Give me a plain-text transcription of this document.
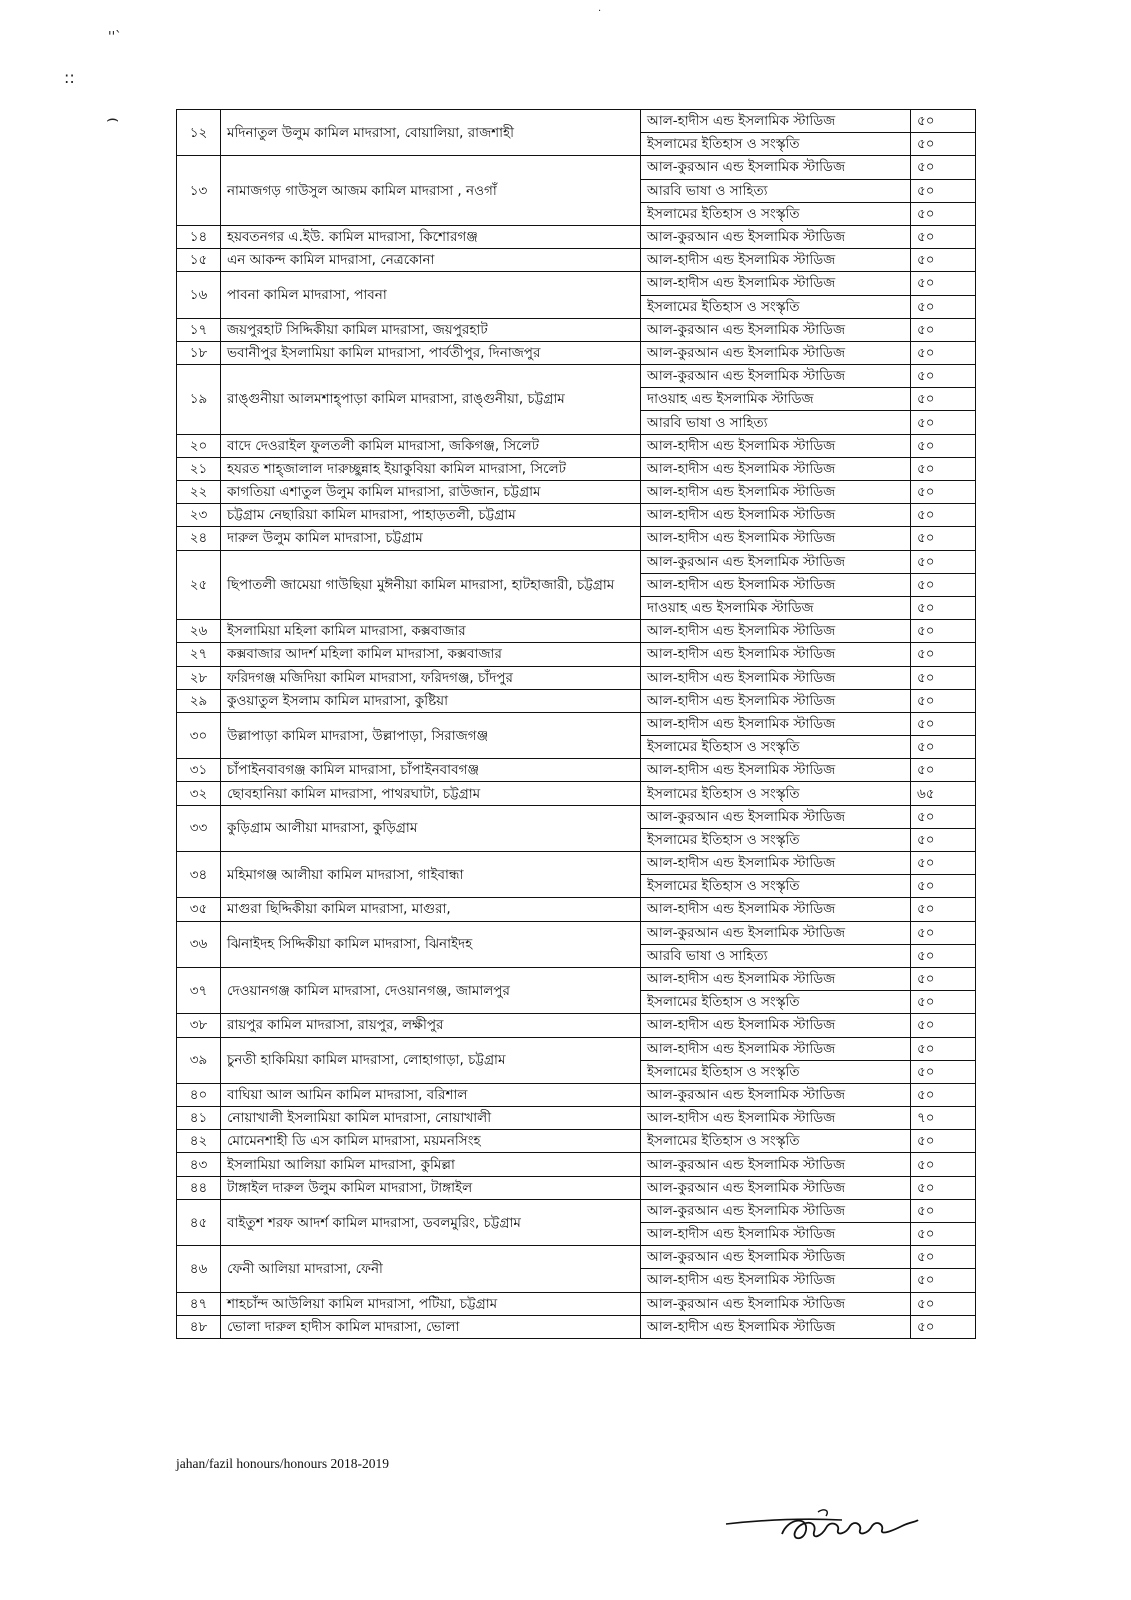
·
''`
::
⌢
১২	মদিনাতুল উলুম কামিল মাদরাসা, বোয়ালিয়া, রাজশাহী	আল-হাদীস এন্ড ইসলামিক স্টাডিজ	৫০
		ইসলামের ইতিহাস ও সংস্কৃতি	৫০
১৩	নামাজগড় গাউসুল আজম কামিল মাদরাসা , নওগাঁ	আল-কুরআন এন্ড ইসলামিক স্টাডিজ	৫০
		আরবি ভাষা ও সাহিত্য	৫০
		ইসলামের ইতিহাস ও সংস্কৃতি	৫০
১৪	হয়বতনগর এ.ইউ. কামিল মাদরাসা, কিশোরগঞ্জ	আল-কুরআন এন্ড ইসলামিক স্টাডিজ	৫০
১৫	এন আকন্দ কামিল মাদরাসা, নেত্রকোনা	আল-হাদীস এন্ড ইসলামিক স্টাডিজ	৫০
১৬	পাবনা কামিল মাদরাসা, পাবনা	আল-হাদীস এন্ড ইসলামিক স্টাডিজ	৫০
		ইসলামের ইতিহাস ও সংস্কৃতি	৫০
১৭	জয়পুরহাট সিদ্দিকীয়া কামিল মাদরাসা, জয়পুরহাট	আল-কুরআন এন্ড ইসলামিক স্টাডিজ	৫০
১৮	ভবানীপুর ইসলামিয়া কামিল মাদরাসা, পার্বতীপুর, দিনাজপুর	আল-কুরআন এন্ড ইসলামিক স্টাডিজ	৫০
১৯	রাঙ্গুনীয়া আলমশাহ্পাড়া কামিল মাদরাসা, রাঙ্গুনীয়া, চট্টগ্রাম	আল-কুরআন এন্ড ইসলামিক স্টাডিজ	৫০
		দাওয়াহ এন্ড ইসলামিক স্টাডিজ	৫০
		আরবি ভাষা ও সাহিত্য	৫০
২০	বাদে দেওরাইল ফুলতলী কামিল মাদরাসা, জকিগঞ্জ, সিলেট	আল-হাদীস এন্ড ইসলামিক স্টাডিজ	৫০
২১	হযরত শাহ্জালাল দারুচ্ছুন্নাহ ইয়াকুবিয়া কামিল মাদরাসা, সিলেট	আল-হাদীস এন্ড ইসলামিক স্টাডিজ	৫০
২২	কাগতিয়া এশাতুল উলুম কামিল মাদরাসা, রাউজান, চট্টগ্রাম	আল-হাদীস এন্ড ইসলামিক স্টাডিজ	৫০
২৩	চট্টগ্রাম নেছারিয়া কামিল মাদরাসা, পাহাড়তলী, চট্টগ্রাম	আল-হাদীস এন্ড ইসলামিক স্টাডিজ	৫০
২৪	দারুল উলুম কামিল মাদরাসা, চট্টগ্রাম	আল-হাদীস এন্ড ইসলামিক স্টাডিজ	৫০
২৫	ছিপাতলী জামেয়া গাউছিয়া মুঈনীয়া কামিল মাদরাসা, হাটহাজারী, চট্টগ্রাম	আল-কুরআন এন্ড ইসলামিক স্টাডিজ	৫০
		আল-হাদীস এন্ড ইসলামিক স্টাডিজ	৫০
		দাওয়াহ এন্ড ইসলামিক স্টাডিজ	৫০
২৬	ইসলামিয়া মহিলা কামিল মাদরাসা, কক্সবাজার	আল-হাদীস এন্ড ইসলামিক স্টাডিজ	৫০
২৭	কক্সবাজার আদর্শ মহিলা কামিল মাদরাসা, কক্সবাজার	আল-হাদীস এন্ড ইসলামিক স্টাডিজ	৫০
২৮	ফরিদগঞ্জ মজিদিয়া কামিল মাদরাসা, ফরিদগঞ্জ, চাঁদপুর	আল-হাদীস এন্ড ইসলামিক স্টাডিজ	৫০
২৯	কুওয়াতুল ইসলাম কামিল মাদরাসা, কুষ্টিয়া	আল-হাদীস এন্ড ইসলামিক স্টাডিজ	৫০
৩০	উল্লাপাড়া কামিল মাদরাসা, উল্লাপাড়া, সিরাজগঞ্জ	আল-হাদীস এন্ড ইসলামিক স্টাডিজ	৫০
		ইসলামের ইতিহাস ও সংস্কৃতি	৫০
৩১	চাঁপাইনবাবগঞ্জ কামিল মাদরাসা, চাঁপাইনবাবগঞ্জ	আল-হাদীস এন্ড ইসলামিক স্টাডিজ	৫০
৩২	ছোবহানিয়া কামিল মাদরাসা, পাথরঘাটা, চট্টগ্রাম	ইসলামের ইতিহাস ও সংস্কৃতি	৬৫
৩৩	কুড়িগ্রাম আলীয়া মাদরাসা, কুড়িগ্রাম	আল-কুরআন এন্ড ইসলামিক স্টাডিজ	৫০
		ইসলামের ইতিহাস ও সংস্কৃতি	৫০
৩৪	মহিমাগঞ্জ আলীয়া কামিল মাদরাসা, গাইবান্ধা	আল-হাদীস এন্ড ইসলামিক স্টাডিজ	৫০
		ইসলামের ইতিহাস ও সংস্কৃতি	৫০
৩৫	মাগুরা ছিদ্দিকীয়া কামিল মাদরাসা, মাগুরা,	আল-হাদীস এন্ড ইসলামিক স্টাডিজ	৫০
৩৬	ঝিনাইদহ সিদ্দিকীয়া কামিল মাদরাসা, ঝিনাইদহ	আল-কুরআন এন্ড ইসলামিক স্টাডিজ	৫০
		আরবি ভাষা ও সাহিত্য	৫০
৩৭	দেওয়ানগঞ্জ কামিল মাদরাসা, দেওয়ানগঞ্জ, জামালপুর	আল-হাদীস এন্ড ইসলামিক স্টাডিজ	৫০
		ইসলামের ইতিহাস ও সংস্কৃতি	৫০
৩৮	রায়পুর কামিল মাদরাসা, রায়পুর, লক্ষীপুর	আল-হাদীস এন্ড ইসলামিক স্টাডিজ	৫০
৩৯	চুনতী হাকিমিয়া কামিল মাদরাসা, লোহাগাড়া, চট্টগ্রাম	আল-হাদীস এন্ড ইসলামিক স্টাডিজ	৫০
		ইসলামের ইতিহাস ও সংস্কৃতি	৫০
৪০	বাঘিয়া আল আমিন কামিল মাদরাসা, বরিশাল	আল-কুরআন এন্ড ইসলামিক স্টাডিজ	৫০
৪১	নোয়াখালী ইসলামিয়া কামিল মাদরাসা, নোয়াখালী	আল-হাদীস এন্ড ইসলামিক স্টাডিজ	৭০
৪২	মোমেনশাহী ডি এস কামিল মাদরাসা, ময়মনসিংহ	ইসলামের ইতিহাস ও সংস্কৃতি	৫০
৪৩	ইসলামিয়া আলিয়া কামিল মাদরাসা, কুমিল্লা	আল-কুরআন এন্ড ইসলামিক স্টাডিজ	৫০
৪৪	টাঙ্গাইল দারুল উলুম কামিল মাদরাসা, টাঙ্গাইল	আল-কুরআন এন্ড ইসলামিক স্টাডিজ	৫০
৪৫	বাইতুশ শরফ আদর্শ কামিল মাদরাসা, ডবলমুরিং, চট্টগ্রাম	আল-কুরআন এন্ড ইসলামিক স্টাডিজ	৫০
		আল-হাদীস এন্ড ইসলামিক স্টাডিজ	৫০
৪৬	ফেনী আলিয়া মাদরাসা, ফেনী	আল-কুরআন এন্ড ইসলামিক স্টাডিজ	৫০
		আল-হাদীস এন্ড ইসলামিক স্টাডিজ	৫০
৪৭	শাহচাঁন্দ আউলিয়া কামিল মাদরাসা, পটিয়া, চট্টগ্রাম	আল-কুরআন এন্ড ইসলামিক স্টাডিজ	৫০
৪৮	ভোলা দারুল হাদীস কামিল মাদরাসা, ভোলা	আল-হাদীস এন্ড ইসলামিক স্টাডিজ	৫০
jahan/fazil honours/honours 2018-2019
